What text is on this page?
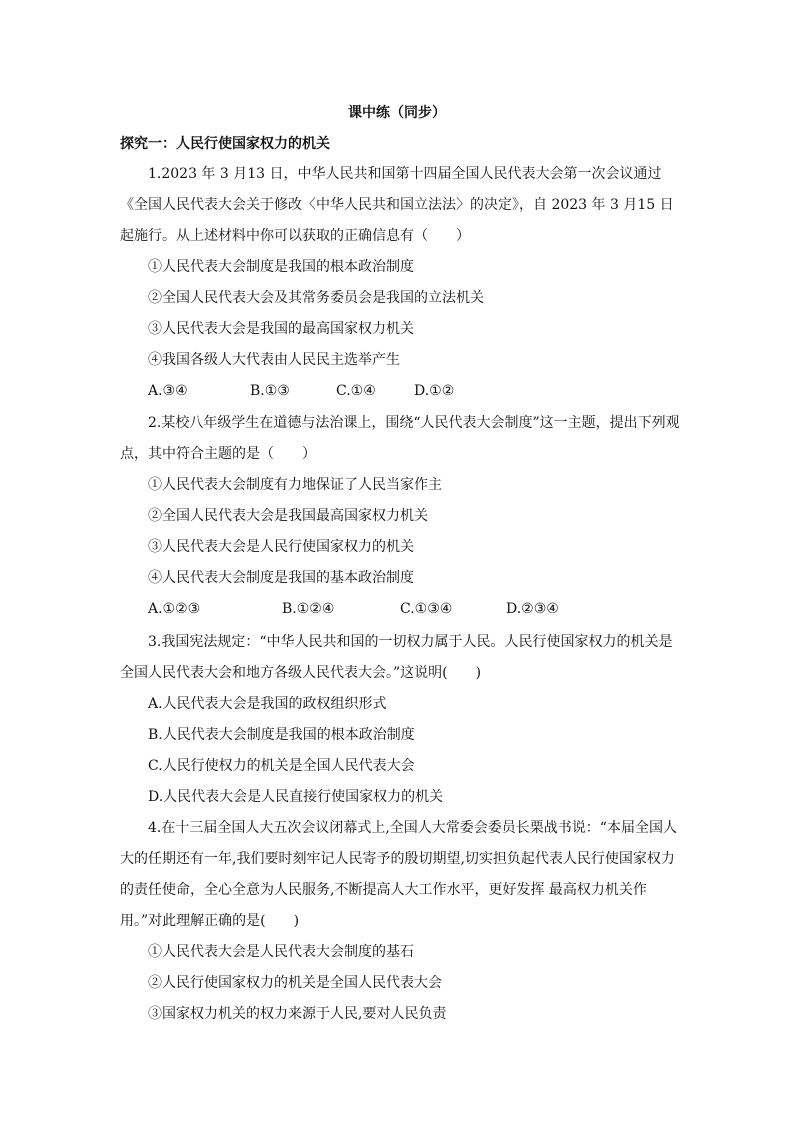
课中练（同步）
探究一：人民行使国家权力的机关

1.2023 年 3 月13 日，中华人民共和国第十四届全国人民代表大会第一次会议通过《全国人民代表大会关于修改〈中华人民共和国立法法〉的决定》，自 2023 年 3 月15 日起施行。从上述材料中你可以获取的正确信息有（　　）

①人民代表大会制度是我国的根本政治制度

②全国人民代表大会及其常务委员会是我国的立法机关

③人民代表大会是我国的最高国家权力机关

④我国各级人大代表由人民民主选举产生

A.③④	B.①③	C.①④	D.①②

2.某校八年级学生在道德与法治课上，围绕“人民代表大会制度”这一主题，提出下列观点，其中符合主题的是（　　）

①人民代表大会制度有力地保证了人民当家作主

②全国人民代表大会是我国最高国家权力机关

③人民代表大会是人民行使国家权力的机关

④人民代表大会制度是我国的基本政治制度

A.①②③	B.①②④	C.①③④	D.②③④

3.我国宪法规定：“中华人民共和国的一切权力属于人民。人民行使国家权力的机关是全国人民代表大会和地方各级人民代表大会。”这说明(　　)

A.人民代表大会是我国的政权组织形式

B.人民代表大会制度是我国的根本政治制度

C.人民行使权力的机关是全国人民代表大会

D.人民代表大会是人民直接行使国家权力的机关

4.在十三届全国人大五次会议闭幕式上,全国人大常委会委员长栗战书说：“本届全国人大的任期还有一年,我们要时刻牢记人民寄予的殷切期望,切实担负起代表人民行使国家权力的责任使命，全心全意为人民服务,不断提高人大工作水平，更好发挥 最高权力机关作用。”对此理解正确的是(　　)

①人民代表大会是人民代表大会制度的基石

②人民行使国家权力的机关是全国人民代表大会

③国家权力机关的权力来源于人民,要对人民负责
